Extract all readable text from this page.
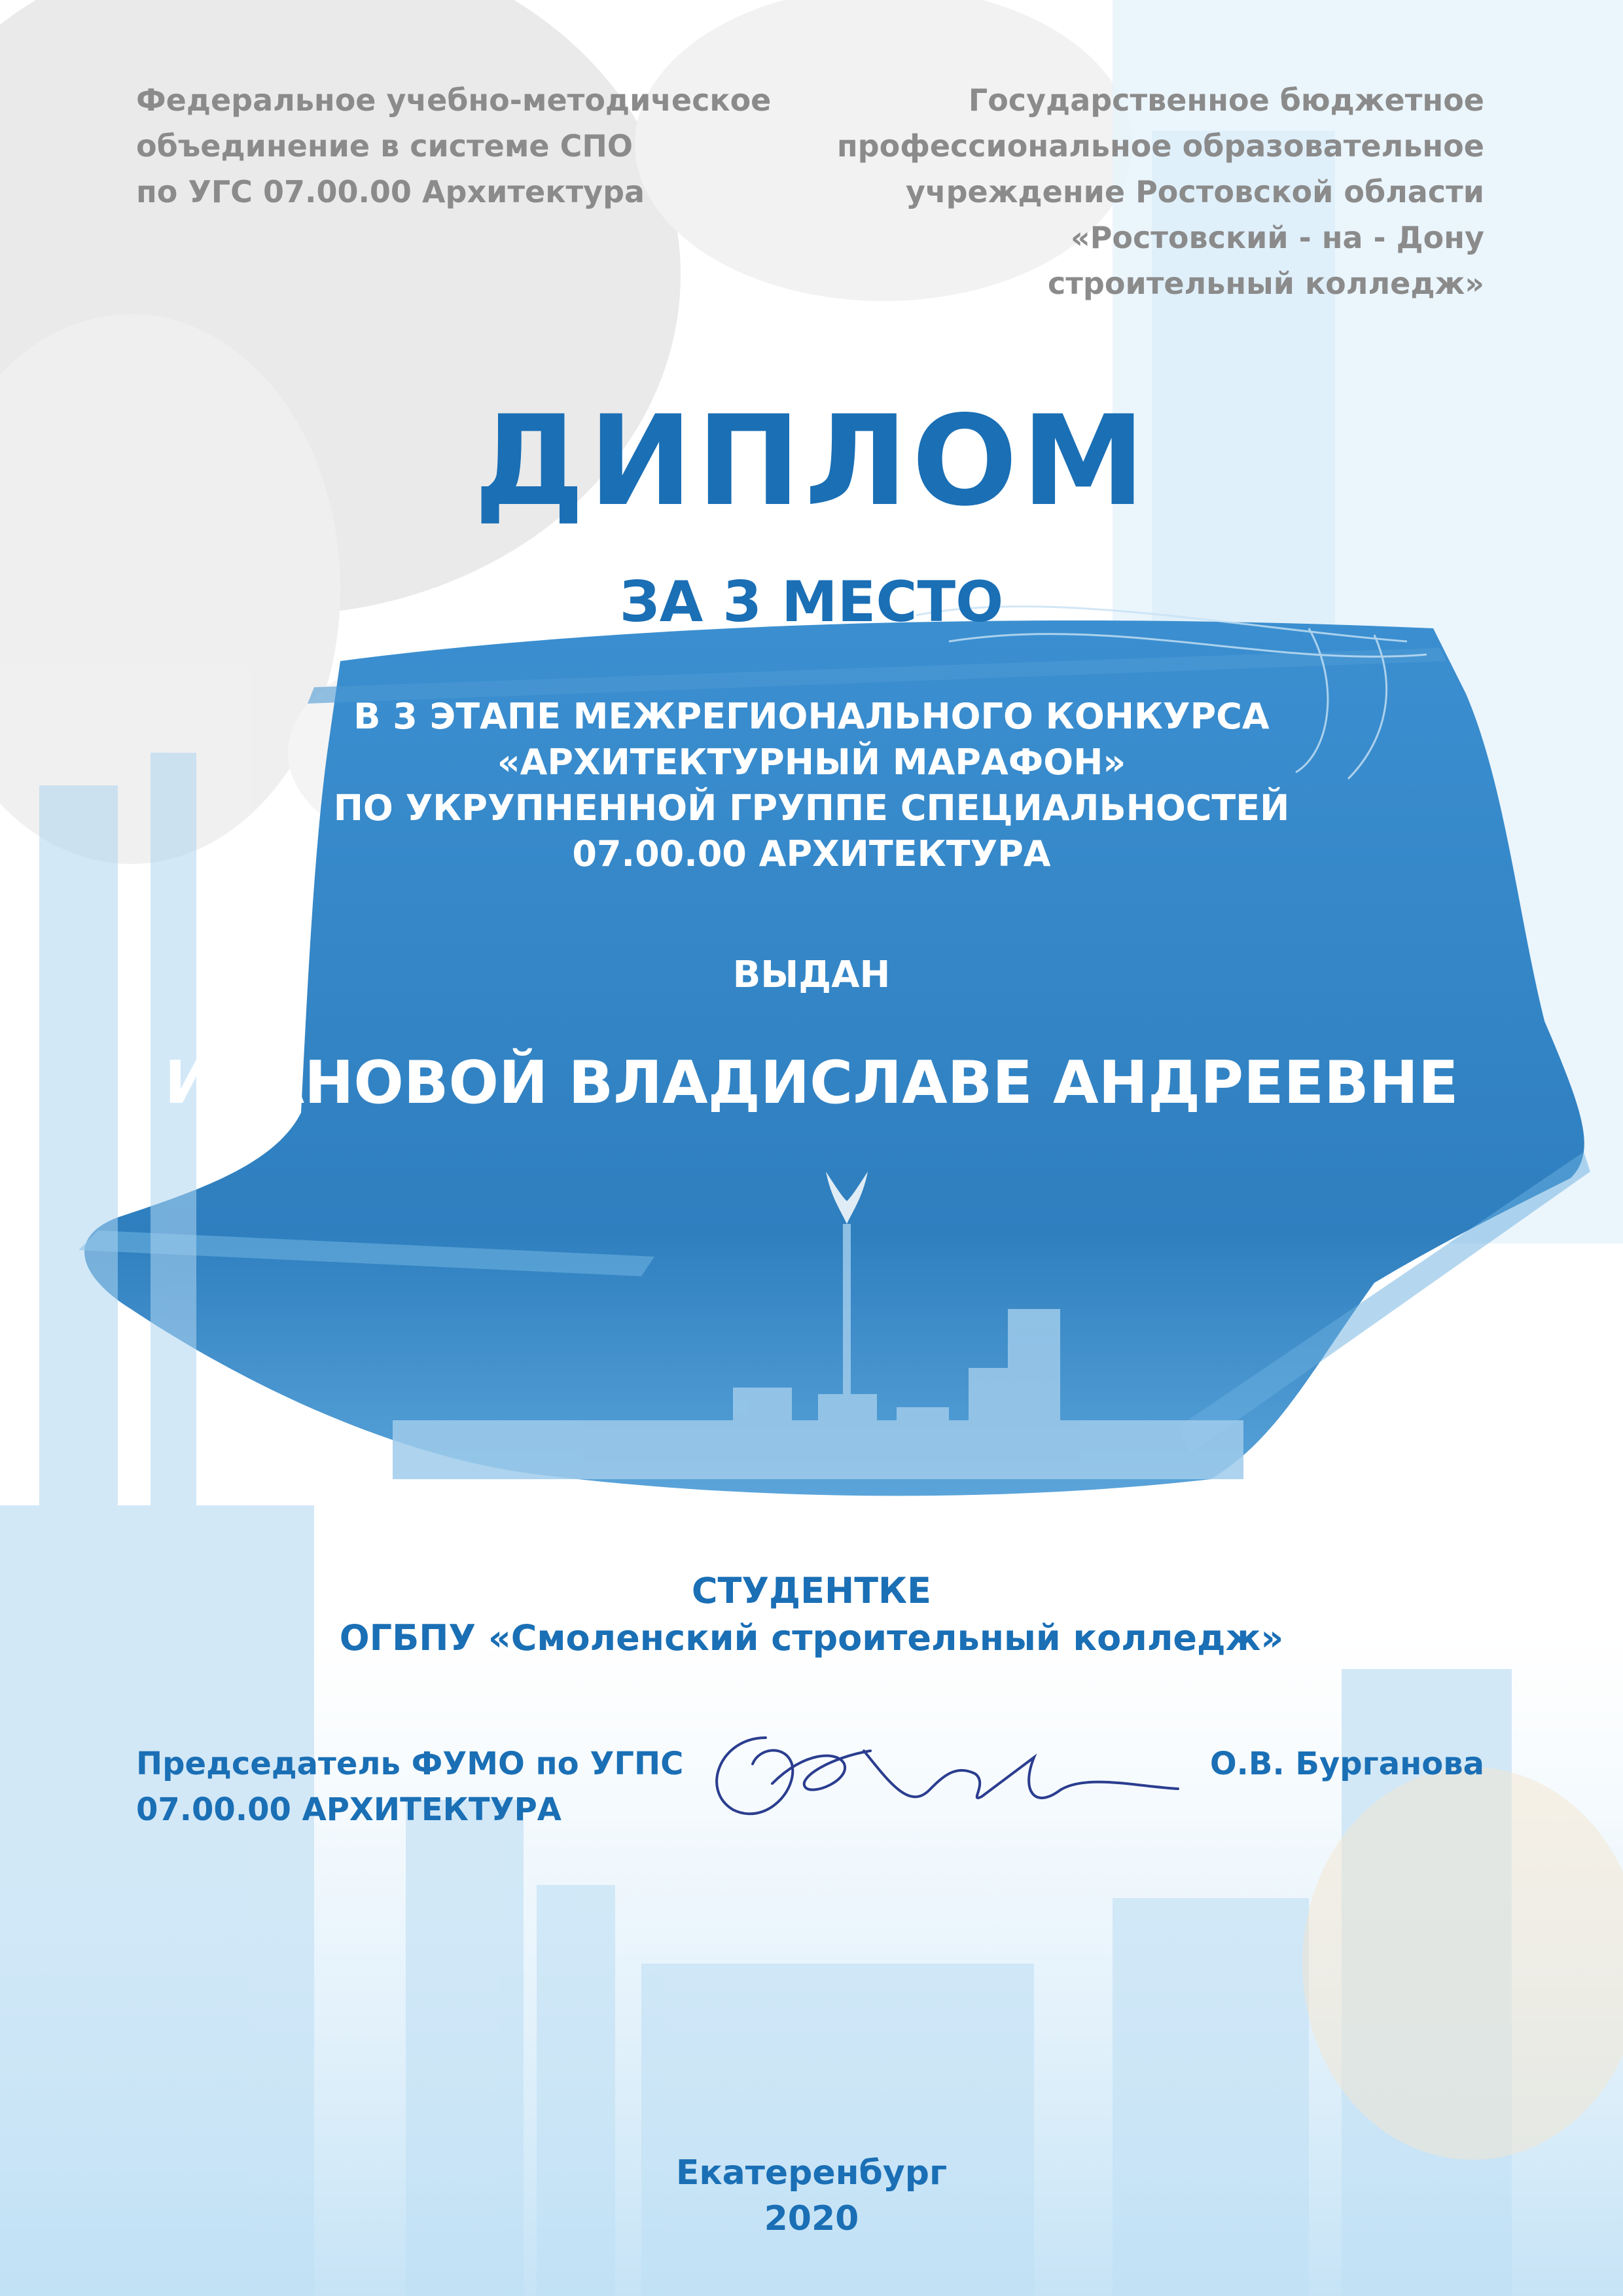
Федеральное учебно-методическое
объединение в системе СПО
по УГС 07.00.00 Архитектура

Государственное бюджетное
профессиональное образовательное
учреждение Ростовской области
«Ростовский - на - Дону
строительный колледж»

ДИПЛОМ
ЗА 3 МЕСТО

В 3 ЭТАПЕ МЕЖРЕГИОНАЛЬНОГО КОНКУРСА
«АРХИТЕКТУРНЫЙ МАРАФОН»
ПО УКРУПНЕННОЙ ГРУППЕ СПЕЦИАЛЬНОСТЕЙ
07.00.00 АРХИТЕКТУРА

ВЫДАН

ИВАНОВОЙ ВЛАДИСЛАВЕ АНДРЕЕВНЕ

СТУДЕНТКЕ
ОГБПУ «Смоленский строительный колледж»

Председатель ФУМО по УГПС
07.00.00 АРХИТЕКТУРА

О.В. Бурганова

Екатеренбург
2020
